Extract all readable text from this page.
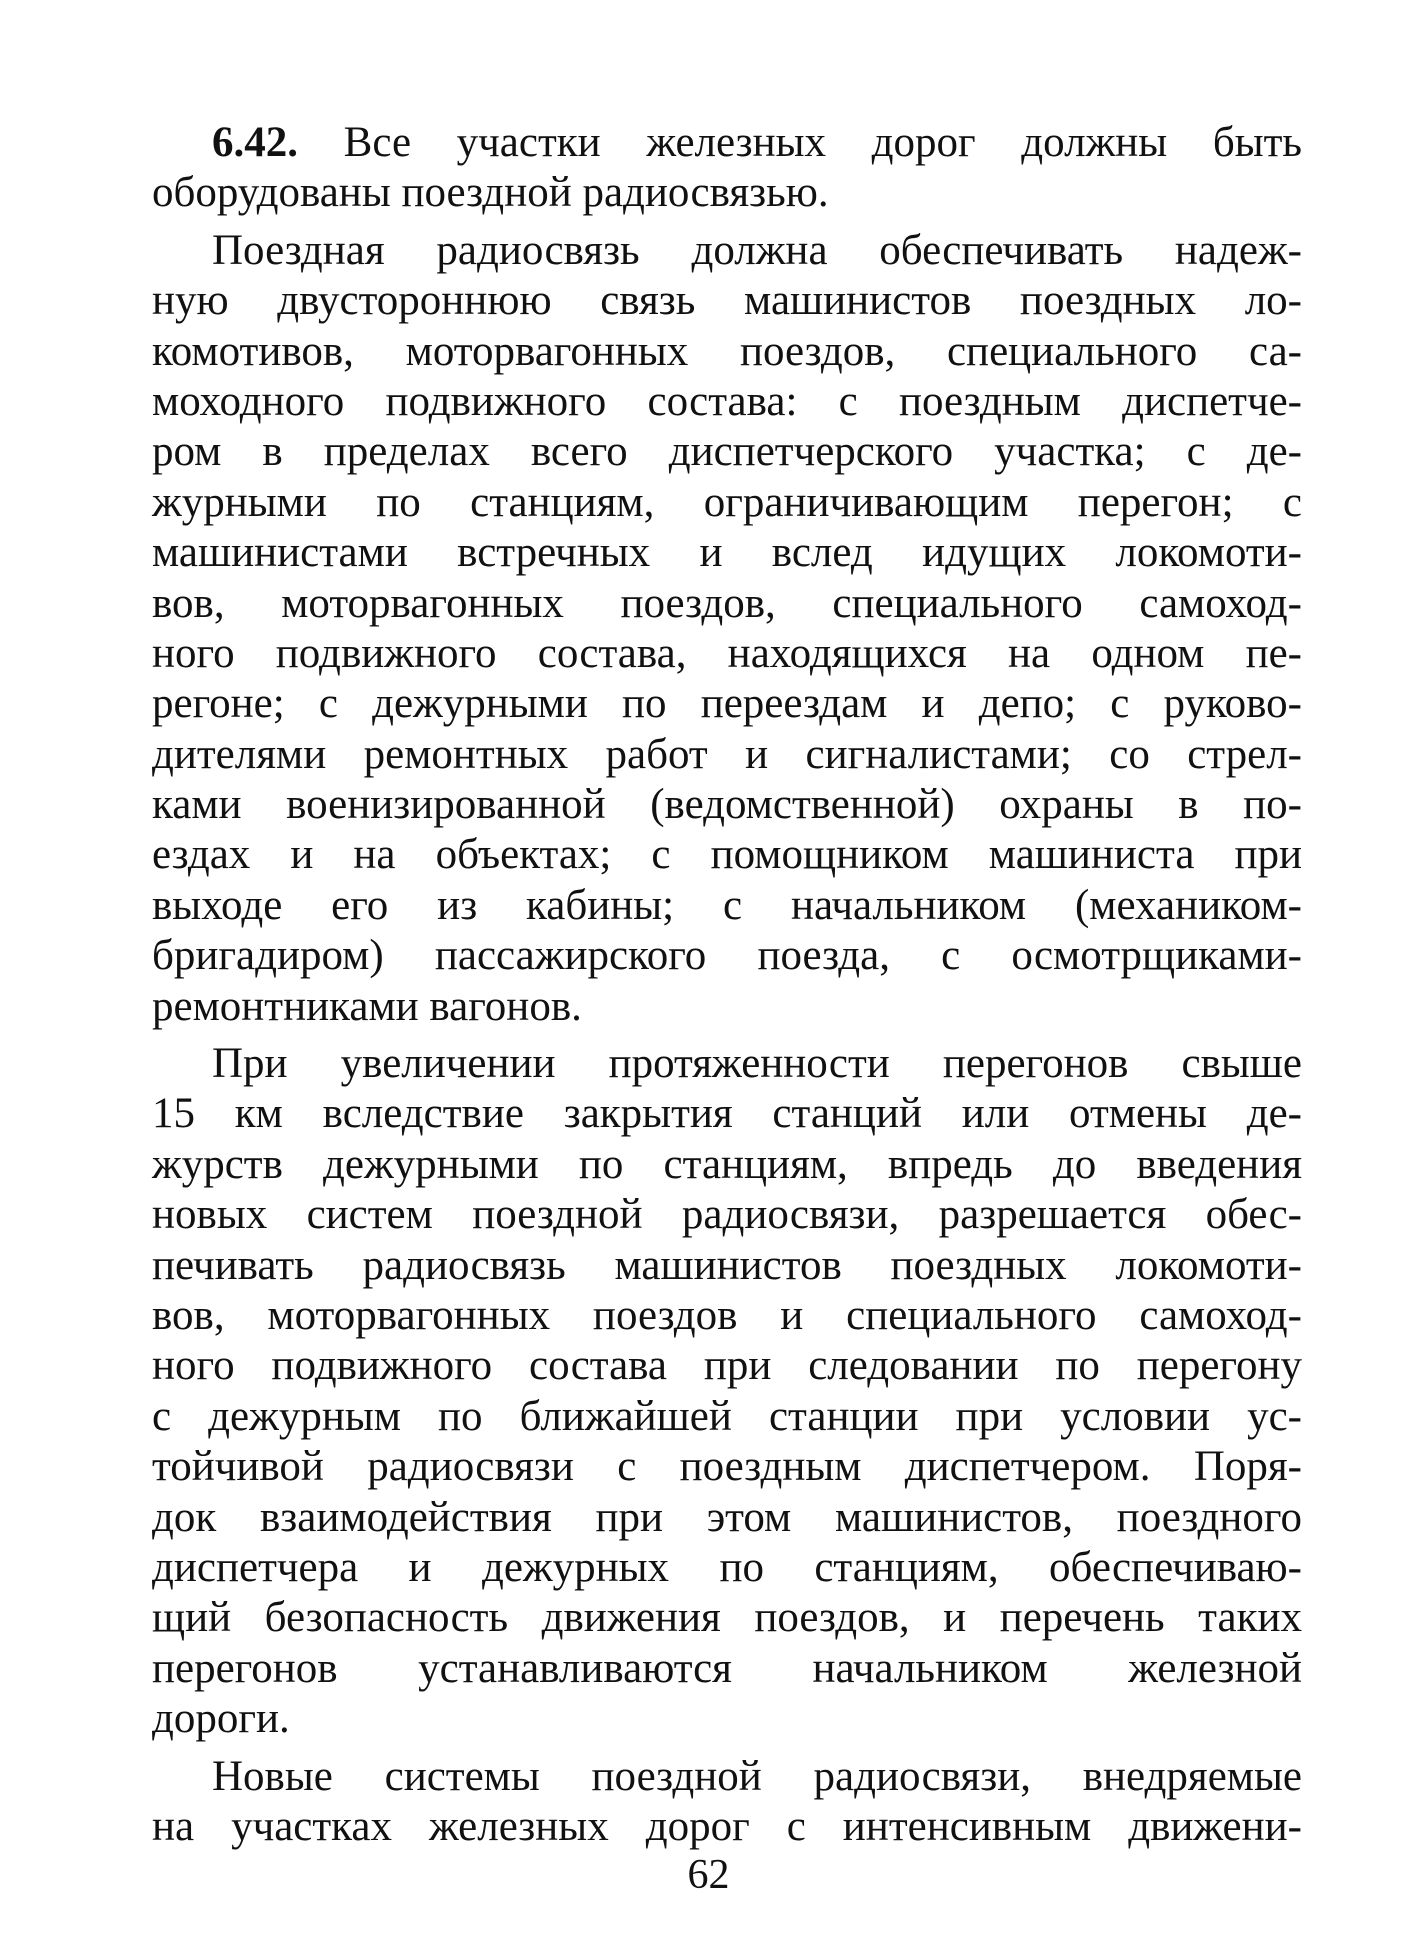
6.42. Все участки железных дорог должны быть
оборудованы поездной радиосвязью.
Поездная радиосвязь должна обеспечивать надеж-
ную двустороннюю связь машинистов поездных ло-
комотивов, моторвагонных поездов, специального са-
моходного подвижного состава: с поездным диспетче-
ром в пределах всего диспетчерского участка; с де-
журными по станциям, ограничивающим перегон; с
машинистами встречных и вслед идущих локомоти-
вов, моторвагонных поездов, специального самоход-
ного подвижного состава, находящихся на одном пе-
регоне; с дежурными по переездам и депо; с руково-
дителями ремонтных работ и сигналистами; со стрел-
ками военизированной (ведомственной) охраны в по-
ездах и на объектах; с помощником машиниста при
выходе его из кабины; с начальником (механиком-
бригадиром) пассажирского поезда, с осмотрщиками-
ремонтниками вагонов.
При увеличении протяженности перегонов свыше
15 км вследствие закрытия станций или отмены де-
журств дежурными по станциям, впредь до введения
новых систем поездной радиосвязи, разрешается обес-
печивать радиосвязь машинистов поездных локомоти-
вов, моторвагонных поездов и специального самоход-
ного подвижного состава при следовании по перегону
с дежурным по ближайшей станции при условии ус-
тойчивой радиосвязи с поездным диспетчером. Поря-
док взаимодействия при этом машинистов, поездного
диспетчера и дежурных по станциям, обеспечиваю-
щий безопасность движения поездов, и перечень таких
перегонов устанавливаются начальником железной
дороги.
Новые системы поездной радиосвязи, внедряемые
на участках железных дорог с интенсивным движени-
62
